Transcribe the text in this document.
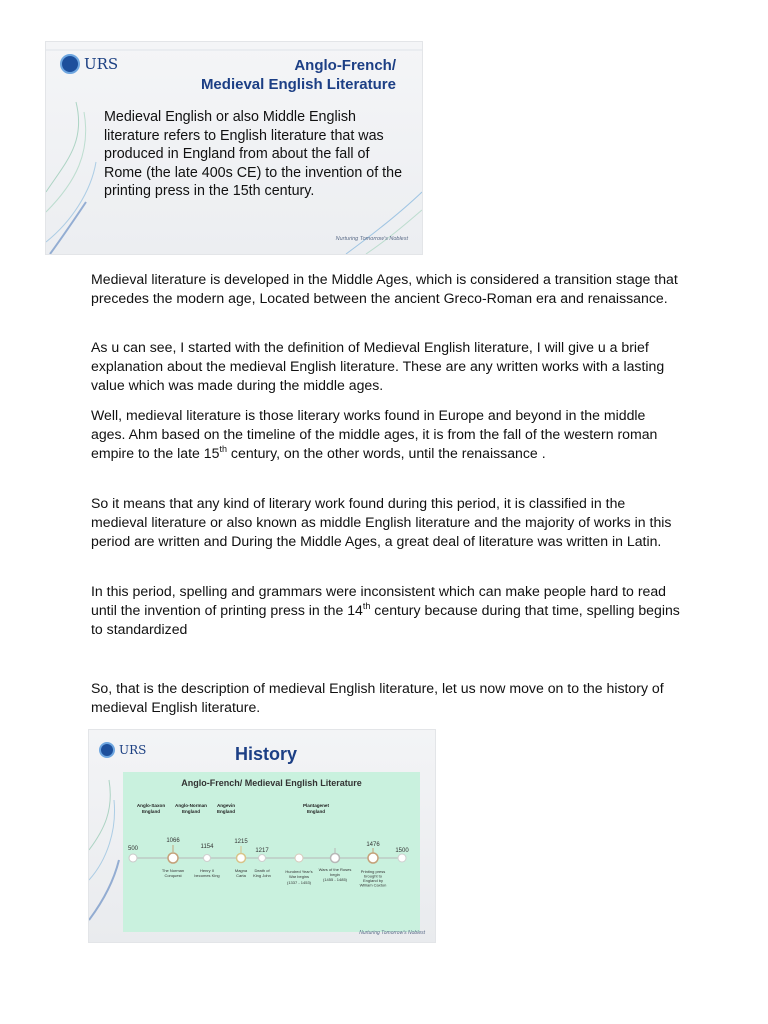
URS	Anglo-French/
Medieval English Literature
Medieval English or also Middle English literature refers to English literature that was produced in England from about the fall of Rome (the late 400s CE) to the invention of the printing press in the 15th century.
Nurturing Tomorrow's Noblest
Medieval literature is developed in the Middle Ages, which is considered a transition stage that precedes the modern age, Located between the ancient Greco-Roman era and renaissance.
As u can see, I started with the definition of Medieval English literature, I will give u a brief explanation about the medieval English literature. These are any written works with a lasting value which was made during the middle ages.
Well, medieval literature is those literary works found in Europe and beyond in the middle ages. Ahm based on the timeline of the middle ages, it is from the fall of the western roman empire to the late 15th century, on the other words, until the renaissance .
So it means that any kind of literary work found during this period, it is classified in the medieval literature or also known as middle English literature and the majority of works in this period are written and During the Middle Ages, a great deal of literature was written in Latin.
In this period, spelling and grammars were inconsistent which can make people hard to read until the invention of printing press in the 14th century because during that time, spelling begins to standardized
So, that is the description of medieval English literature, let us now move on to the history of medieval English literature.
URS	History
Anglo-French/ Medieval English Literature
Anglo-Saxon England
Anglo-Norman England
Angevin England
Plantagenet England
500
1066
1154
1215
1217
1476
1500
The Norman Conquest
Henry II becomes King
Magna Carta
Death of King John
Hundred Year's War begins (1337 - 1453)
Wars of the Roses begin (1455 - 1485)
Printing press brought to England by William Caxton
Nurturing Tomorrow's Noblest
